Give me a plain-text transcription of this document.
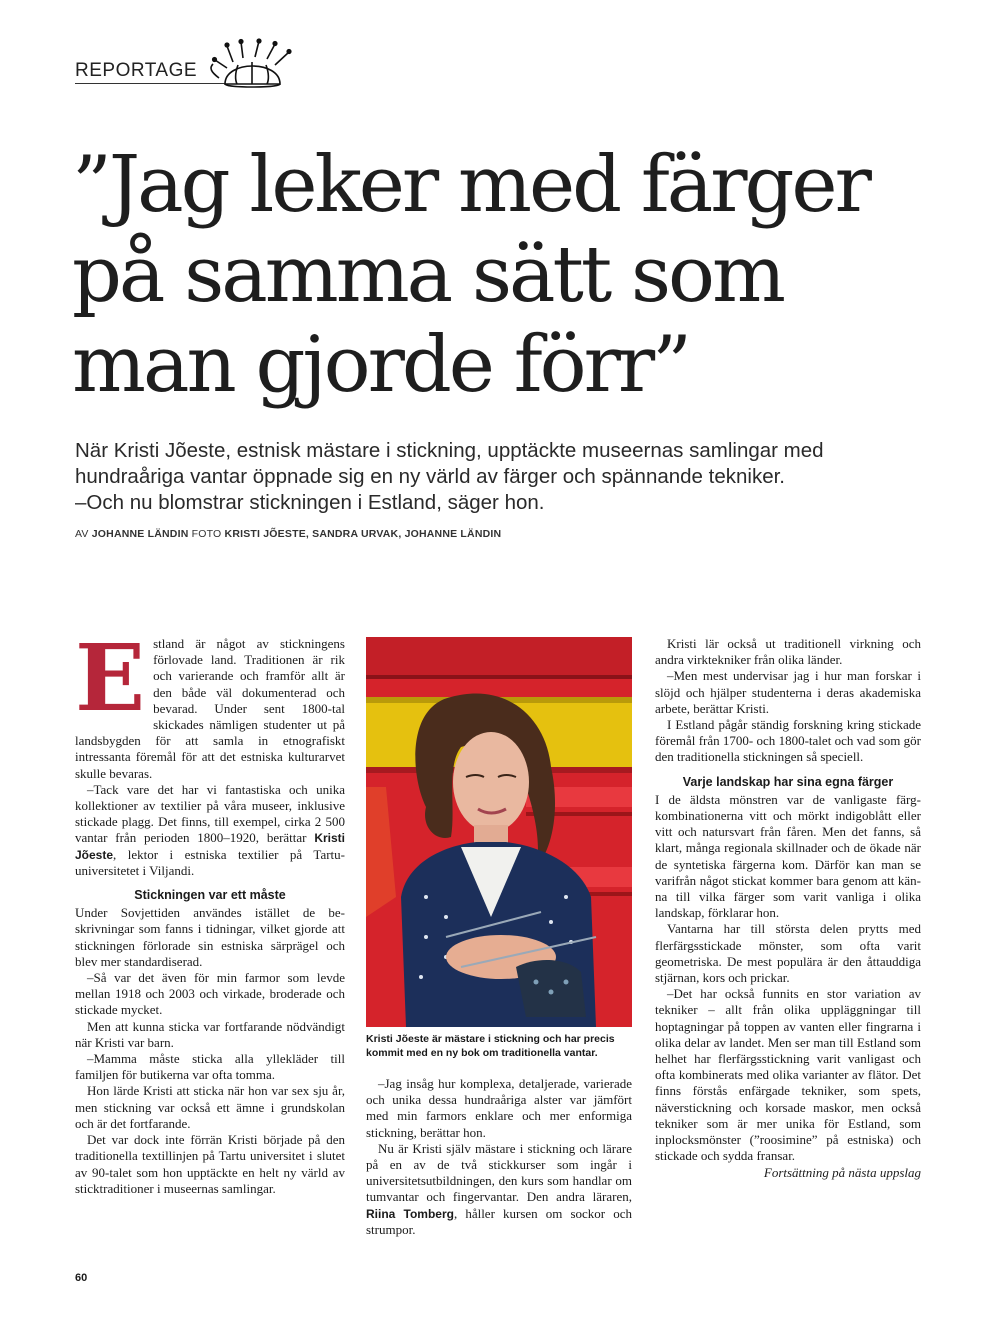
REPORTAGE
”Jag leker med färger
på samma sätt som
man gjorde förr”

När Kristi Jõeste, estnisk mästare i stickning, upptäckte museernas samlingar med
hundraåriga vantar öppnade sig en ny värld av färger och spännande tekniker.
–Och nu blomstrar stickningen i Estland, säger hon.

AV JOHANNE LÄNDIN FOTO KRISTI JÕESTE, SANDRA URVAK, JOHANNE LÄNDIN

Estland är något av stickningens förlovade land. Traditionen är rik och varierande och framför allt är den både väl dokumenterad och bevarad. Under sent 1800-tal skickades nämligen studenter ut på landsbygden för att samla in etnografiskt intressanta föremål för att det estniska kulturarvet skulle bevaras.

–Tack vare det har vi fantastiska och unika kollektioner av textilier på våra museer, inklusive stickade plagg. Det finns, till exempel, cirka 2 500 vantar från perioden 1800–1920, berättar Kristi Jõeste, lektor i estniska textilier på Tartu-universitetet i Viljandi.

Stickningen var ett måste

Under Sovjettiden användes istället de beskrivningar som fanns i tidningar, vilket gjorde att stickningen förlorade sin estniska särprägel och blev mer standardiserad.

–Så var det även för min farmor som levde mellan 1918 och 2003 och virkade, broderade och stickade mycket.

Men att kunna sticka var fortfarande nödvändigt när Kristi var barn.

–Mamma måste sticka alla yllekläder till familjen för butikerna var ofta tomma.

Hon lärde Kristi att sticka när hon var sex sju år, men stickning var också ett ämne i grundskolan och är det fortfarande.

Det var dock inte förrän Kristi började på den traditionella textillinjen på Tartu universitet i slutet av 90-talet som hon upptäckte en helt ny värld av sticktraditioner i museernas samlingar.

Kristi Jõeste är mästare i stickning och har precis kommit med en ny bok om traditionella vantar.

–Jag insåg hur komplexa, detaljerade, varierade och unika dessa hundraåriga alster var jämfört med min farmors enklare och mer enformiga stickning, berättar hon.

Nu är Kristi själv mästare i stickning och lärare på en av de två stickkurser som ingår i universitetsutbildningen, den kurs som handlar om tumvantar och fingervantar. Den andra läraren, Riina Tomberg, håller kursen om sockor och strumpor.

Kristi lär också ut traditionell virkning och andra virktekniker från olika länder.

–Men mest undervisar jag i hur man forskar i slöjd och hjälper studenterna i deras akademiska arbete, berättar Kristi.

I Estland pågår ständig forskning kring stickade föremål från 1700- och 1800-talet och vad som gör den traditionella stickningen så speciell.

Varje landskap har sina egna färger

I de äldsta mönstren var de vanligaste färgkombinationerna vitt och mörkt indigoblått eller vitt och natursvart från fåren. Men det fanns, så klart, många regionala skillnader och de ökade när de syntetiska färgerna kom. Därför kan man se varifrån något stickat kommer bara genom att känna till vilka färger som varit vanliga i olika landskap, förklarar hon.

Vantarna har till största delen prytts med flerfärgsstickade mönster, som ofta varit geometriska. De mest populära är den åttauddiga stjärnan, kors och prickar.

–Det har också funnits en stor variation av tekniker – allt från olika uppläggningar till hoptagningar på toppen av vanten eller fingrarna i olika delar av landet. Men ser man till Estland som helhet har flerfärgsstickning varit vanligast och ofta kombinerats med olika varianter av flätor. Det finns förstås enfärgade tekniker, som spets, näverstickning och korsade maskor, men också tekniker som är mer unika för Estland, som inplocksmönster (”roosimine” på estniska) och stickade och sydda fransar.

Fortsättning på nästa uppslag

60
